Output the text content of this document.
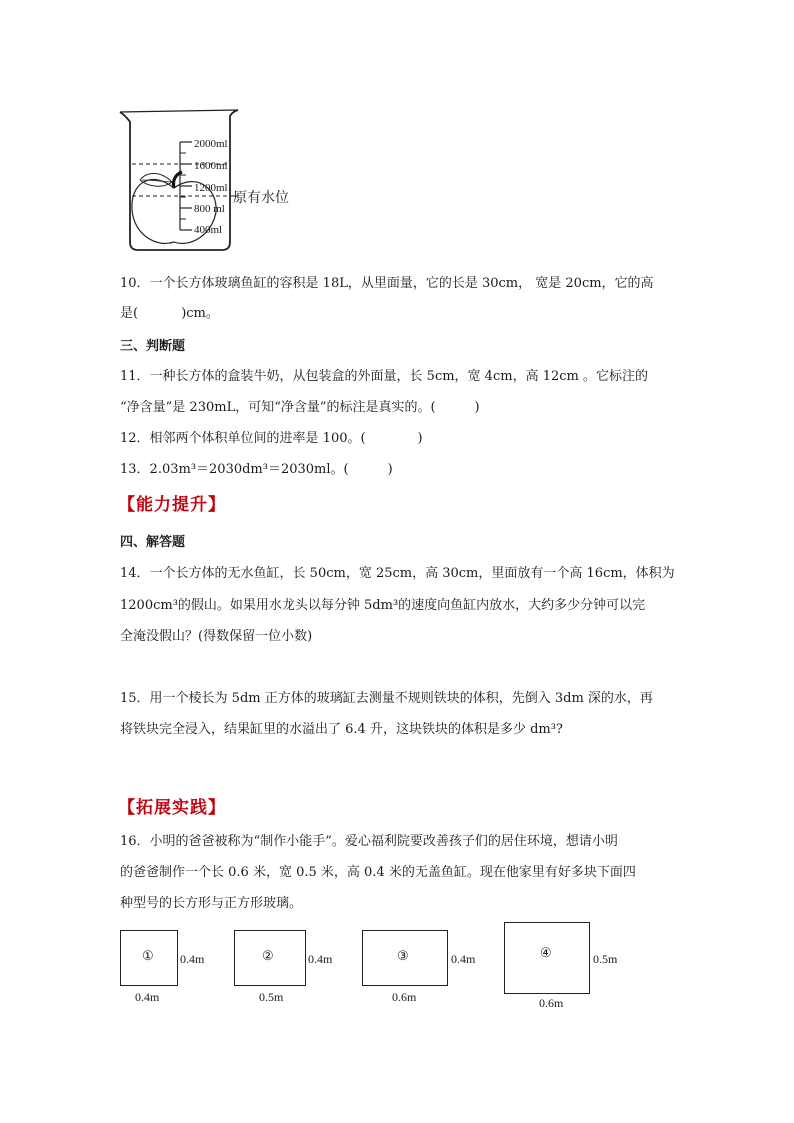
2000ml
1600ml
1200ml
800 ml
400ml
原有水位
10．一个长方体玻璃鱼缸的容积是 18L，从里面量，它的长是 30cm， 宽是 20cm，它的高
是(　　　 )cm。
三、判断题
11．一种长方体的盒装牛奶，从包装盒的外面量，长 5cm，宽 4cm，高 12cm 。它标注的
“净含量”是 230mL，可知“净含量”的标注是真实的。(　　　)
12．相邻两个体积单位间的进率是 100。(　　　　)
13．2.03m³＝2030dm³＝2030ml。(　　　)
【能力提升】
四、解答题
14．一个长方体的无水鱼缸，长 50cm，宽 25cm，高 30cm，里面放有一个高 16cm，体积为
1200cm³的假山。如果用水龙头以每分钟 5dm³的速度向鱼缸内放水，大约多少分钟可以完
全淹没假山？(得数保留一位小数)
15．用一个棱长为 5dm 正方体的玻璃缸去测量不规则铁块的体积，先倒入 3dm 深的水，再
将铁块完全浸入，结果缸里的水溢出了 6.4 升，这块铁块的体积是多少 dm³?
【拓展实践】
16．小明的爸爸被称为“制作小能手”。爱心福利院要改善孩子们的居住环境，想请小明
的爸爸制作一个长 0.6 米，宽 0.5 米，高 0.4 米的无盖鱼缸。现在他家里有好多块下面四
种型号的长方形与正方形玻璃。
① 0.4m
0.4m
②	0.4m
0.5m
③	0.4m
0.6m
④	0.5m
0.6m
